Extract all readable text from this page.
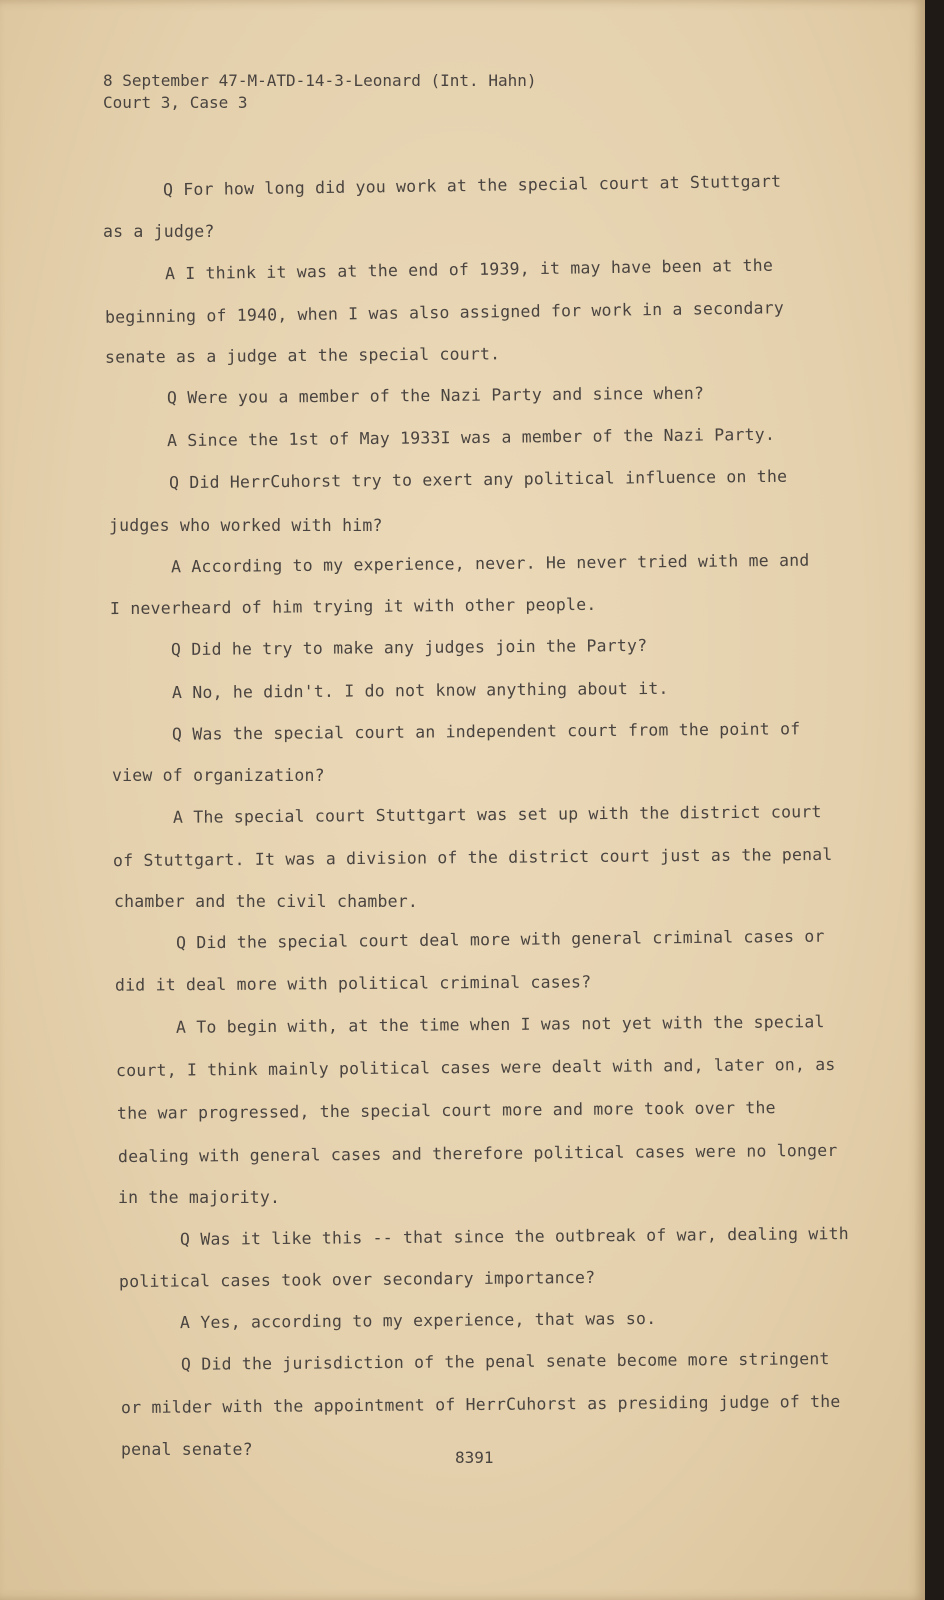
8 September 47-M-ATD-14-3-Leonard (Int. Hahn)
Court 3, Case 3
Q For how long did you work at the special court at Stuttgart
as a judge?
A I think it was at the end of 1939, it may have been at the
beginning of 1940, when I was also assigned for work in a secondary
senate as a judge at the special court.
Q Were you a member of the Nazi Party and since when?
A Since the 1st of May 1933I was a member of the Nazi Party.
Q Did HerrCuhorst try to exert any political influence on the
judges who worked with him?
A According to my experience, never. He never tried with me and
I neverheard of him trying it with other people.
Q Did he try to make any judges join the Party?
A No, he didn't. I do not know anything about it.
Q Was the special court an independent court from the point of
view of organization?
A The special court Stuttgart was set up with the district court
of Stuttgart. It was a division of the district court just as the penal
chamber and the civil chamber.
Q Did the special court deal more with general criminal cases or
did it deal more with political criminal cases?
A To begin with, at the time when I was not yet with the special
court, I think mainly political cases were dealt with and, later on, as
the war progressed, the special court more and more took over the
dealing with general cases and therefore political cases were no longer
in the majority.
Q Was it like this -- that since the outbreak of war, dealing with
political cases took over secondary importance?
A Yes, according to my experience, that was so.
Q Did the jurisdiction of the penal senate become more stringent
or milder with the appointment of HerrCuhorst as presiding judge of the
penal senate?	8391
